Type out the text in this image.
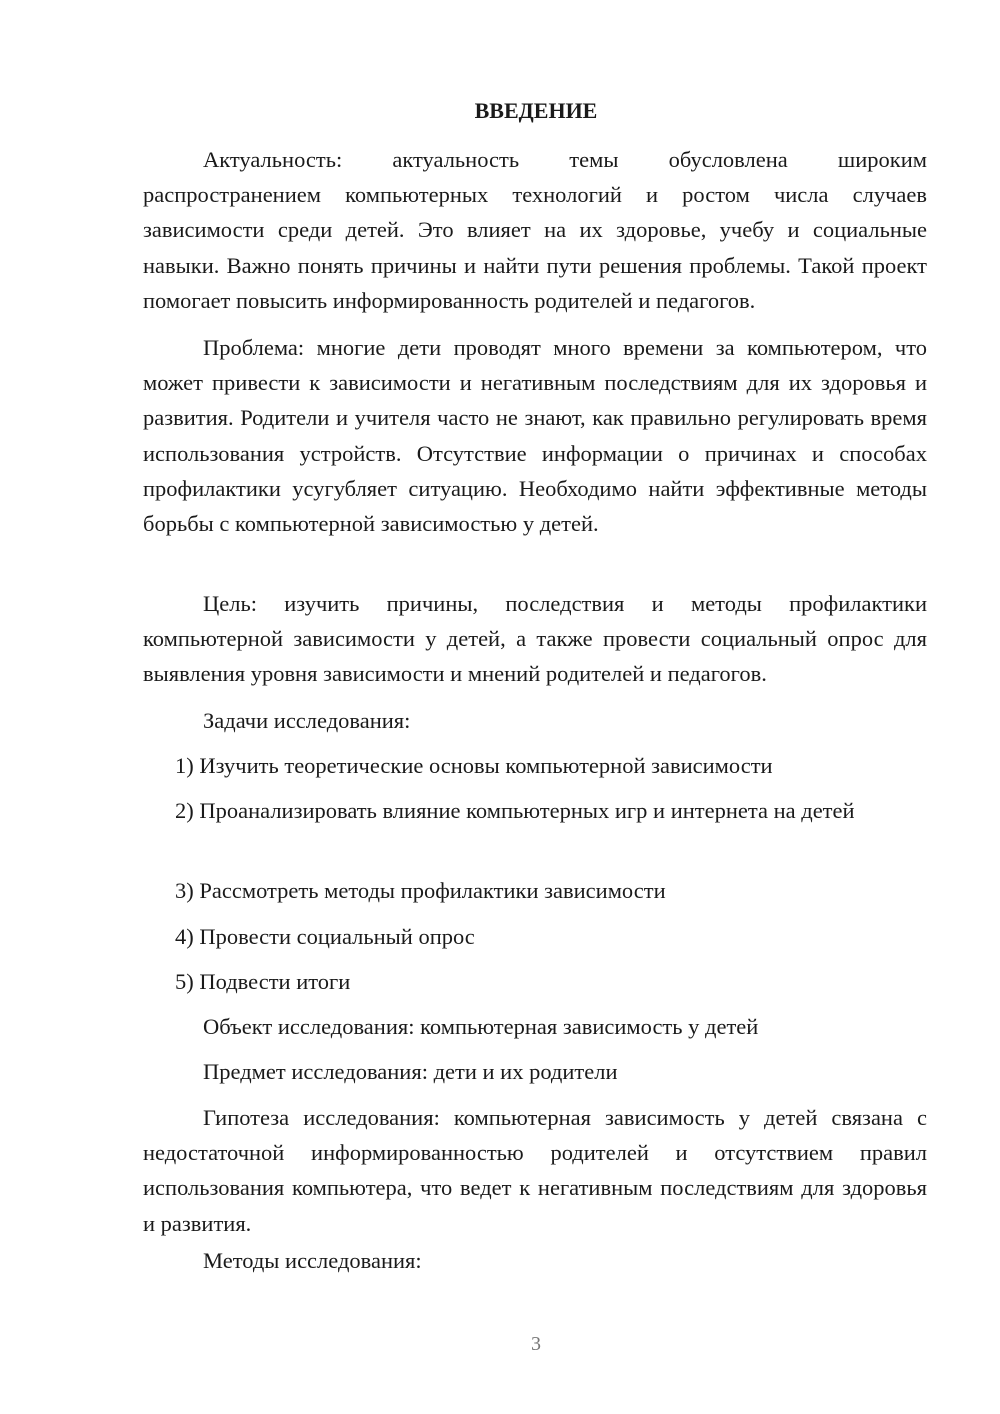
ВВЕДЕНИЕ

Актуальность: актуальность темы обусловлена широким распространением компьютерных технологий и ростом числа случаев зависимости среди детей. Это влияет на их здоровье, учебу и социальные навыки. Важно понять причины и найти пути решения проблемы. Такой проект помогает повысить информированность родителей и педагогов.

Проблема: многие дети проводят много времени за компьютером, что может привести к зависимости и негативным последствиям для их здоровья и развития. Родители и учителя часто не знают, как правильно регулировать время использования устройств. Отсутствие информации о причинах и способах профилактики усугубляет ситуацию. Необходимо найти эффективные методы борьбы с компьютерной зависимостью у детей.

Цель: изучить причины, последствия и методы профилактики компьютерной зависимости у детей, а также провести социальный опрос для выявления уровня зависимости и мнений родителей и педагогов.

Задачи исследования:

1) Изучить теоретические основы компьютерной зависимости

2) Проанализировать влияние компьютерных игр и интернета на детей

3) Рассмотреть методы профилактики зависимости

4) Провести социальный опрос

5) Подвести итоги

Объект исследования: компьютерная зависимость у детей

Предмет исследования: дети и их родители

Гипотеза исследования: компьютерная зависимость у детей связана с недостаточной информированностью родителей и отсутствием правил использования компьютера, что ведет к негативным последствиям для здоровья и развития.

Методы исследования:

3
